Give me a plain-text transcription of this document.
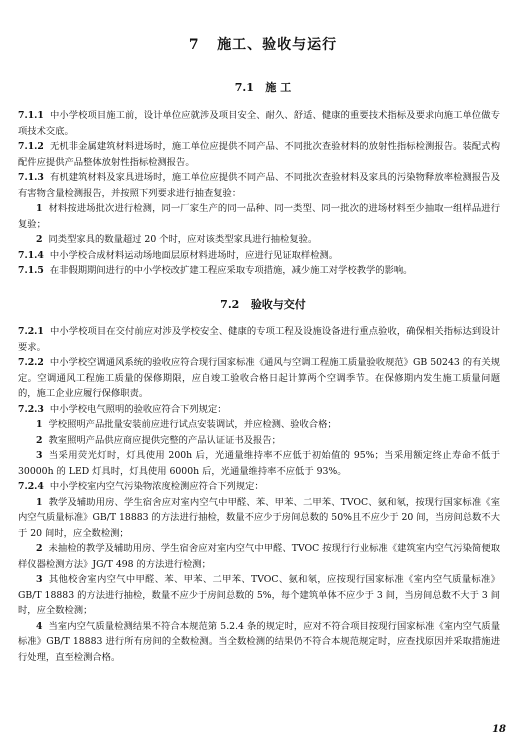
7 施工、验收与运行
7.1 施 工

7.1.1 中小学校项目施工前，设计单位应就涉及项目安全、耐久、舒适、健康的重要技术指标及要求向施工单位做专项技术交底。

7.1.2 无机非金属建筑材料进场时，施工单位应提供不同产品、不同批次查验材料的放射性指标检测报告。装配式构配件应提供产品整体放射性指标检测报告。

7.1.3 有机建筑材料及家具进场时，施工单位应提供不同产品、不同批次查验材料及家具的污染物释放率检测报告及有害物含量检测报告，并按照下列要求进行抽查复验：

1 材料按进场批次进行检测，同一厂家生产的同一品种、同一类型、同一批次的进场材料至少抽取一组样品进行复验；

2 同类型家具的数量超过 20 个时，应对该类型家具进行抽检复验。

7.1.4 中小学校合成材料运动场地面层原材料进场时，应进行见证取样检测。

7.1.5 在非假期期间进行的中小学校改扩建工程应采取专项措施，减少施工对学校教学的影响。

7.2 验收与交付

7.2.1 中小学校项目在交付前应对涉及学校安全、健康的专项工程及设施设备进行重点验收，确保相关指标达到设计要求。

7.2.2 中小学校空调通风系统的验收应符合现行国家标准《通风与空调工程施工质量验收规范》GB 50243 的有关规定。空调通风工程施工质量的保修期限，应自竣工验收合格日起计算两个空调季节。在保修期内发生施工质量问题的，施工企业应履行保修职责。

7.2.3 中小学校电气照明的验收应符合下列规定：

1 学校照明产品批量安装前应进行试点安装调试，并应检测、验收合格；

2 教室照明产品供应商应提供完整的产品认证证书及报告；

3 当采用荧光灯时，灯具使用 200h 后，光通量维持率不应低于初始值的 95%；当采用额定终止寿命不低于 30000h 的 LED 灯具时，灯具使用 6000h 后，光通量维持率不应低于 93%。

7.2.4 中小学校室内空气污染物浓度检测应符合下列规定：

1 教学及辅助用房、学生宿舍应对室内空气中甲醛、苯、甲苯、二甲苯、TVOC、氨和氡，按现行国家标准《室内空气质量标准》GB/T 18883 的方法进行抽检，数量不应少于房间总数的 50%且不应少于 20 间，当房间总数不大于 20 间时，应全数检测；

2 未抽检的教学及辅助用房、学生宿舍应对室内空气中甲醛、TVOC 按现行行业标准《建筑室内空气污染简便取样仪器检测方法》JG/T 498 的方法进行检测；

3 其他校舍室内空气中甲醛、苯、甲苯、二甲苯、TVOC、氨和氡，应按现行国家标准《室内空气质量标准》GB/T 18883 的方法进行抽检，数量不应少于房间总数的 5%，每个建筑单体不应少于 3 间，当房间总数不大于 3 间时，应全数检测；

4 当室内空气质量检测结果不符合本规范第 5.2.4 条的规定时，应对不符合项目按现行国家标准《室内空气质量标准》GB/T 18883 进行所有房间的全数检测。当全数检测的结果仍不符合本规范规定时，应查找原因并采取措施进行处理，直至检测合格。

18
